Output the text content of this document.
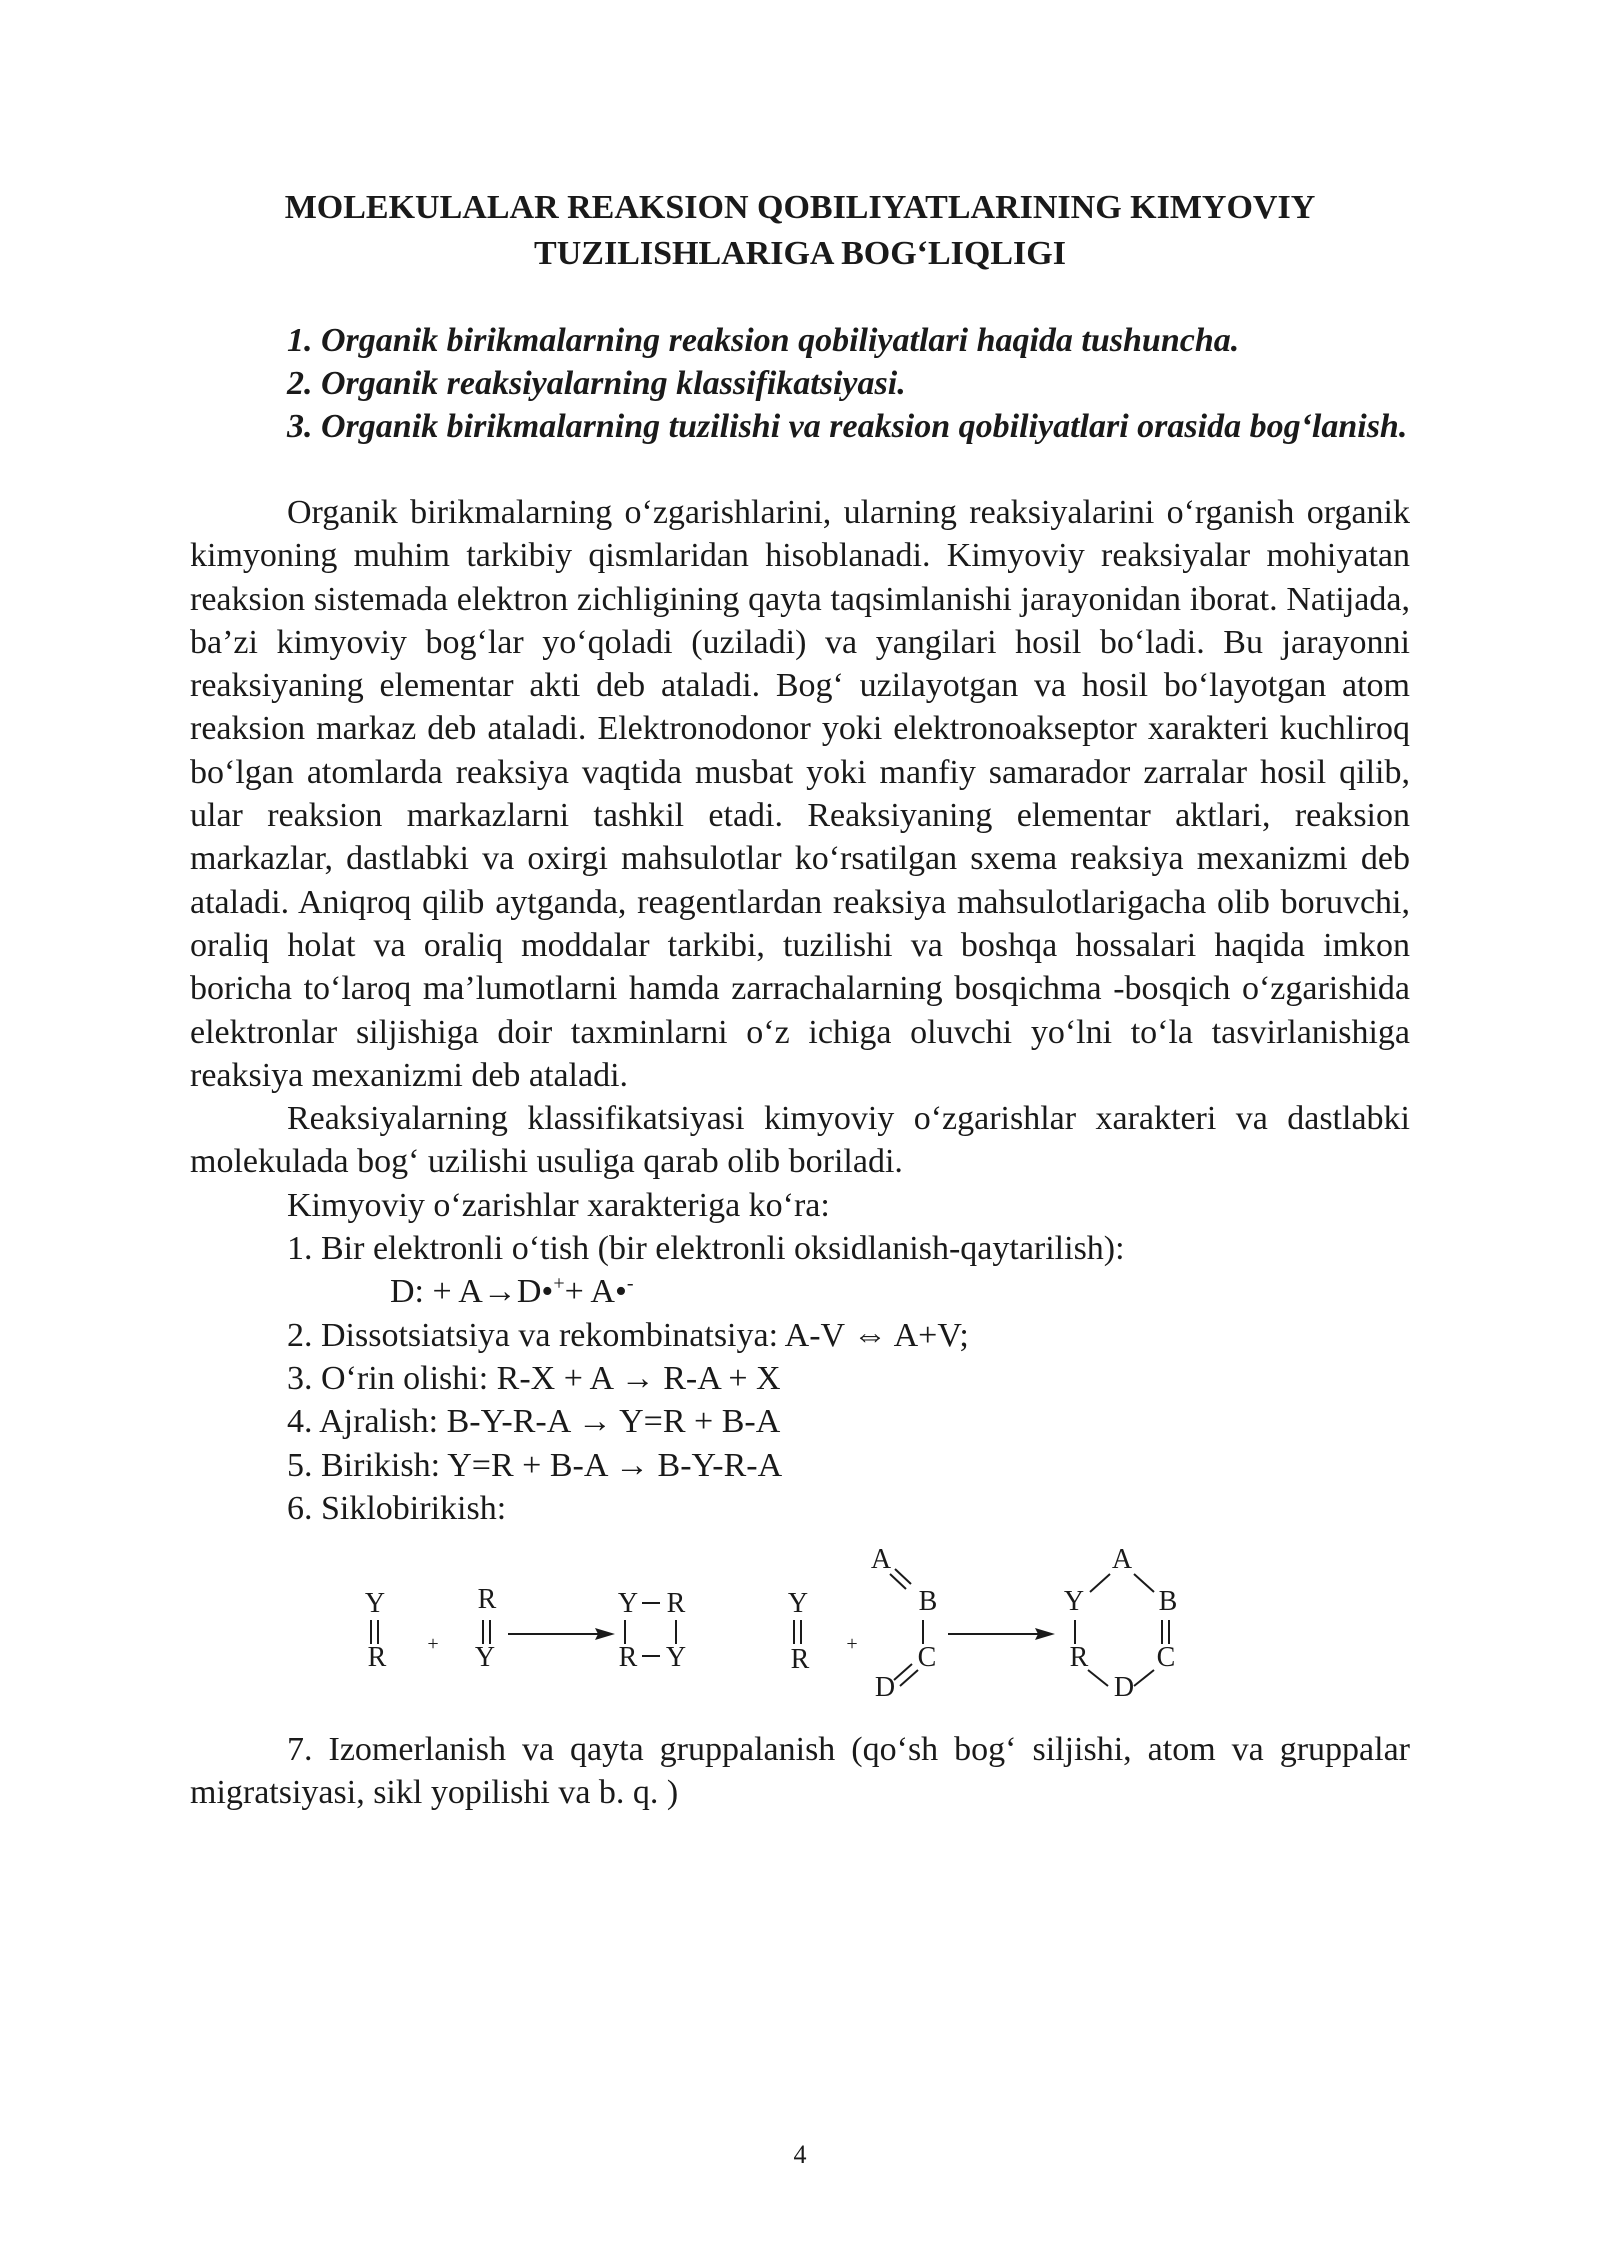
MOLEKULALAR REAKSION QOBILIYATLARINING KIMYOVIY
TUZILISHLARIGA BOG‘LIQLIGI

1. Organik birikmalarning reaksion qobiliyatlari haqida tushuncha.

2. Organik reaksiyalarning klassifikatsiyasi.

3. Organik birikmalarning tuzilishi va reaksion qobiliyatlari orasida bog‘lanish.

Organik birikmalarning o‘zgarishlarini, ularning reaksiyalarini o‘rganish organik kimyoning muhim tarkibiy qismlaridan hisoblanadi. Kimyoviy reaksiyalar mohiyatan reaksion sistemada elektron zichligining qayta taqsimlanishi jarayonidan iborat. Natijada, ba’zi kimyoviy bog‘lar yo‘qoladi (uziladi) va yangilari hosil bo‘ladi. Bu jarayonni reaksiyaning elementar akti deb ataladi. Bog‘ uzilayotgan va hosil bo‘layotgan atom reaksion markaz deb ataladi. Elektronodonor yoki elektronoakseptor xarakteri kuchliroq bo‘lgan atomlarda reaksiya vaqtida musbat yoki manfiy samarador zarralar hosil qilib, ular reaksion markazlarni tashkil etadi. Reaksiyaning elementar aktlari, reaksion markazlar, dastlabki va oxirgi mahsulotlar ko‘rsatilgan sxema reaksiya mexanizmi deb ataladi. Aniqroq qilib aytganda, reagentlardan reaksiya mahsulotlarigacha olib boruvchi, oraliq holat va oraliq moddalar tarkibi, tuzilishi va boshqa hossalari haqida imkon boricha to‘laroq ma’lumotlarni hamda zarrachalarning bosqichma -bosqich o‘zgarishida elektronlar siljishiga doir taxminlarni o‘z ichiga oluvchi yo‘lni to‘la tasvirlanishiga reaksiya mexanizmi deb ataladi.

Reaksiyalarning klassifikatsiyasi kimyoviy o‘zgarishlar xarakteri va dastlabki molekulada bog‘ uzilishi usuliga qarab olib boriladi.

Kimyoviy o‘zarishlar xarakteriga ko‘ra:

1. Bir elektronli o‘tish (bir elektronli oksidlanish-qaytarilish):

D: + A→D•++ A•-

2. Dissotsiatsiya va rekombinatsiya: A-V ⇔ A+V;

3. O‘rin olishi: R-X + A → R-A + X

4. Ajralish: B-Y-R-A → Y=R + B-A

5. Birikish: Y=R + B-A → B-Y-R-A

6. Siklobirikish:

Y
R +
R
Y
Y R
R Y
Y
R +
A
B
C
D
A
Y	B
R C
D

7. Izomerlanish va qayta gruppalanish (qo‘sh bog‘ siljishi, atom va gruppalar migratsiyasi, sikl yopilishi va b. q. )

4
